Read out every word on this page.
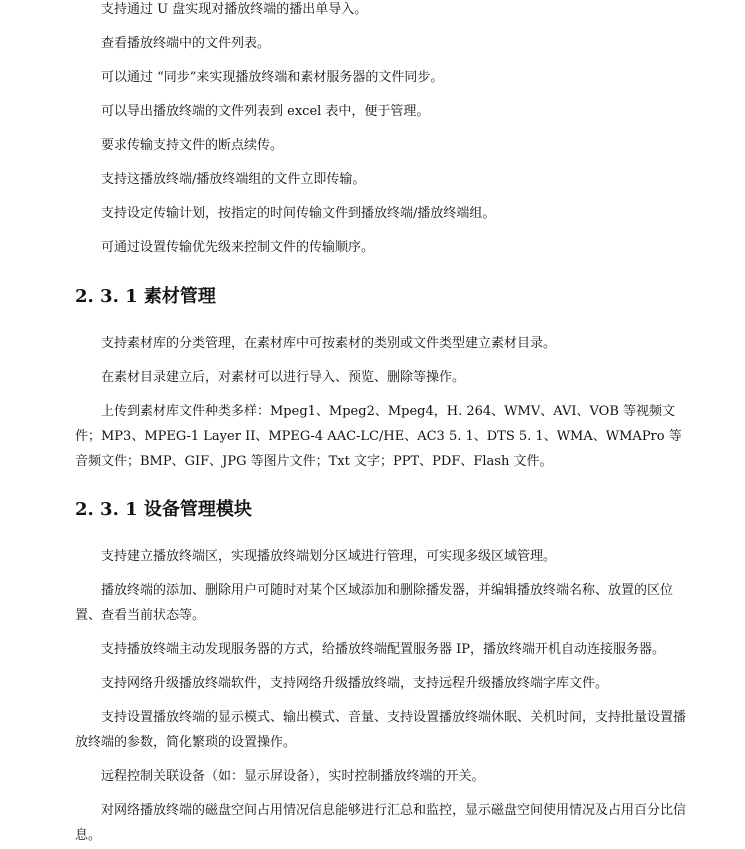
支持通过 U 盘实现对播放终端的播出单导入。

查看播放终端中的文件列表。

可以通过 “同步”来实现播放终端和素材服务器的文件同步。

可以导出播放终端的文件列表到 excel 表中，便于管理。

要求传输支持文件的断点续传。

支持这播放终端/播放终端组的文件立即传输。

支持设定传输计划，按指定的时间传输文件到播放终端/播放终端组。

可通过设置传输优先级来控制文件的传输顺序。

2. 3. 1 素材管理

支持素材库的分类管理，在素材库中可按素材的类别或文件类型建立素材目录。

在素材目录建立后，对素材可以进行导入、预览、删除等操作。

上传到素材库文件种类多样：Mpeg1、Mpeg2、Mpeg4，H. 264、WMV、AVI、VOB 等视频文件；MP3、MPEG-1 Layer II、MPEG-4 AAC-LC/HE、AC3 5. 1、DTS 5. 1、WMA、WMAPro 等音频文件；BMP、GIF、JPG 等图片文件；Txt 文字；PPT、PDF、Flash 文件。

2. 3. 1 设备管理模块

支持建立播放终端区，实现播放终端划分区域进行管理，可实现多级区域管理。

播放终端的添加、删除用户可随时对某个区域添加和删除播发器，并编辑播放终端名称、放置的区位置、查看当前状态等。

支持播放终端主动发现服务器的方式，给播放终端配置服务器 IP，播放终端开机自动连接服务器。

支持网络升级播放终端软件，支持网络升级播放终端，支持远程升级播放终端字库文件。

支持设置播放终端的显示模式、输出模式、音量、支持设置播放终端休眠、关机时间，支持批量设置播放终端的参数，简化繁琐的设置操作。

远程控制关联设备（如：显示屏设备），实时控制播放终端的开关。

对网络播放终端的磁盘空间占用情况信息能够进行汇总和监控，显示磁盘空间使用情况及占用百分比信息。
